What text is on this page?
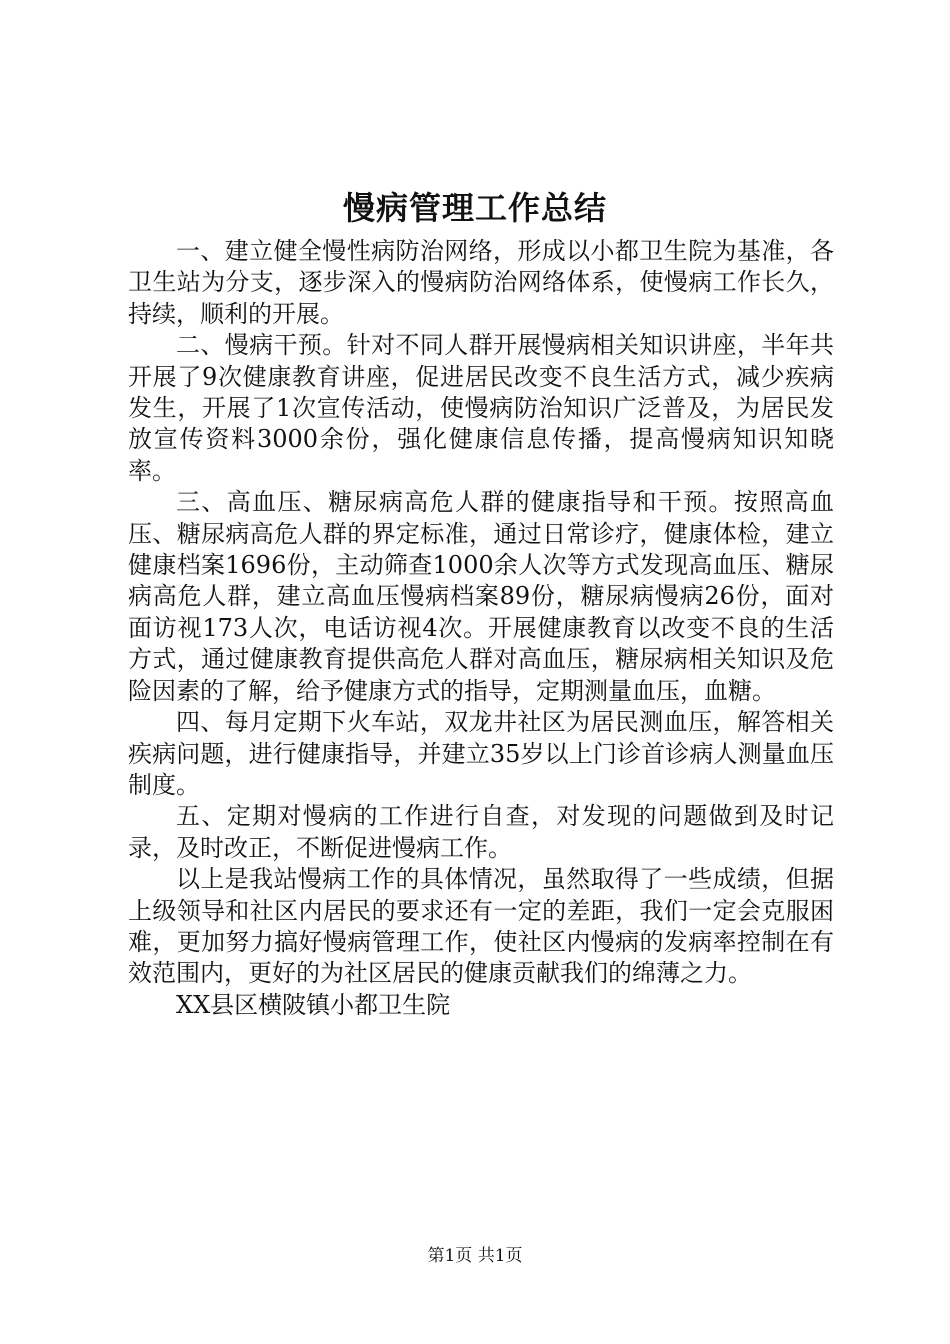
慢病管理工作总结

一、建立健全慢性病防治网络，形成以小都卫生院为基准，各卫生站为分支，逐步深入的慢病防治网络体系，使慢病工作长久，持续，顺利的开展。

二、慢病干预。针对不同人群开展慢病相关知识讲座，半年共开展了9次健康教育讲座，促进居民改变不良生活方式，减少疾病发生，开展了1次宣传活动，使慢病防治知识广泛普及，为居民发放宣传资料3000余份，强化健康信息传播，提高慢病知识知晓率。

三、高血压、糖尿病高危人群的健康指导和干预。按照高血压、糖尿病高危人群的界定标准，通过日常诊疗，健康体检，建立健康档案1696份，主动筛查1000余人次等方式发现高血压、糖尿病高危人群，建立高血压慢病档案89份，糖尿病慢病26份，面对面访视173人次，电话访视4次。开展健康教育以改变不良的生活方式，通过健康教育提供高危人群对高血压，糖尿病相关知识及危险因素的了解，给予健康方式的指导，定期测量血压，血糖。

四、每月定期下火车站，双龙井社区为居民测血压，解答相关疾病问题，进行健康指导，并建立35岁以上门诊首诊病人测量血压制度。

五、定期对慢病的工作进行自查，对发现的问题做到及时记录，及时改正，不断促进慢病工作。

以上是我站慢病工作的具体情况，虽然取得了一些成绩，但据上级领导和社区内居民的要求还有一定的差距，我们一定会克服困难，更加努力搞好慢病管理工作，使社区内慢病的发病率控制在有效范围内，更好的为社区居民的健康贡献我们的绵薄之力。

XX县区横陂镇小都卫生院

第1页 共1页
